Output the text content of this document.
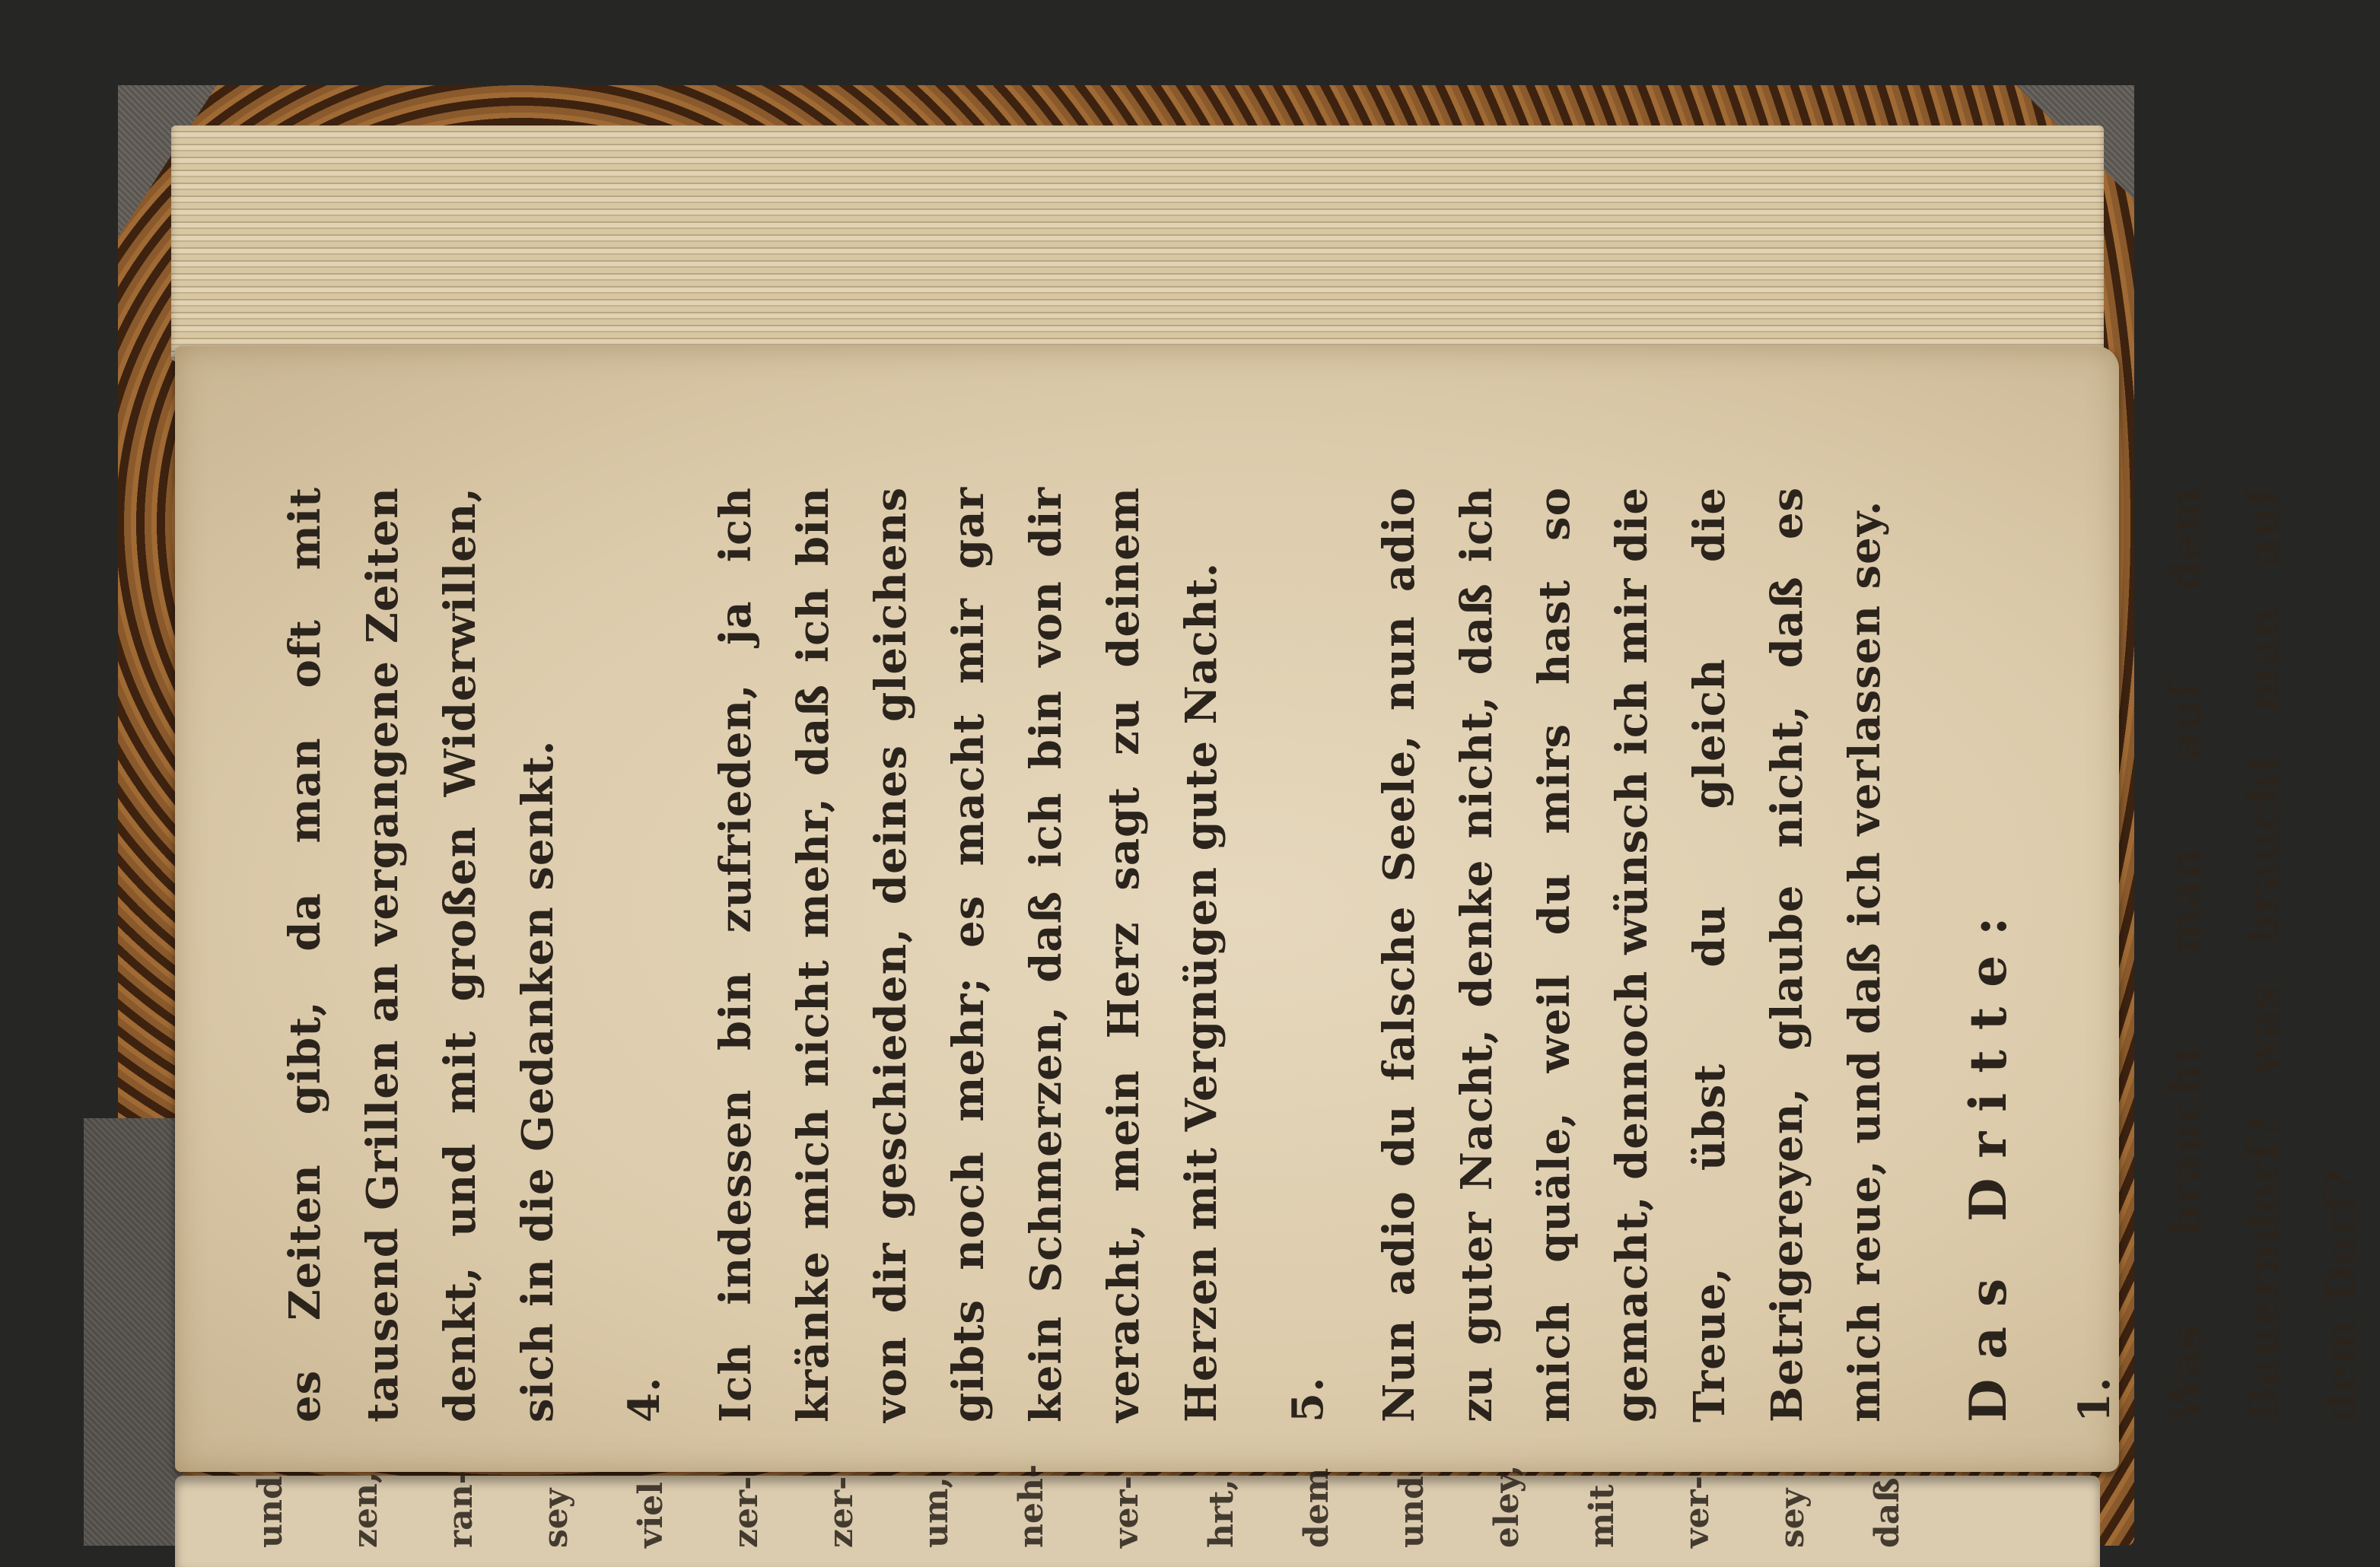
es Zeiten gibt, da man oft mit tausend Grillen an vergangene Zeiten denkt, und mit großen Widerwillen, sich in die Gedanken senkt.	4. Ich indessen bin zufrieden, ja ich kränke mich nicht mehr, daß ich bin von dir geschieden, deines gleichens gibts noch mehr; es macht mir gar kein Schmerzen, daß ich bin von dir veracht, mein Herz sagt zu deinem Herzen mit Vergnügen gute Nacht.	5. Nun adio du falsche Seele, nun adio zu guter Nacht, denke nicht, daß ich mich quäle, weil du mirs hast so gemacht, dennoch wünsch ich mir die Treue, übst du gleich die Betrigereyen, glaube nicht, daß es mich reue, und daß ich verlassen sey. Das Dritte:	1. Was braucht man auf dem Bauerndorf? was braucht man auf dem Dorf?

und zen, ran- sey viel zer- zer- um, neh- ver- hrt, dem und eley, mit ver- sey daß
